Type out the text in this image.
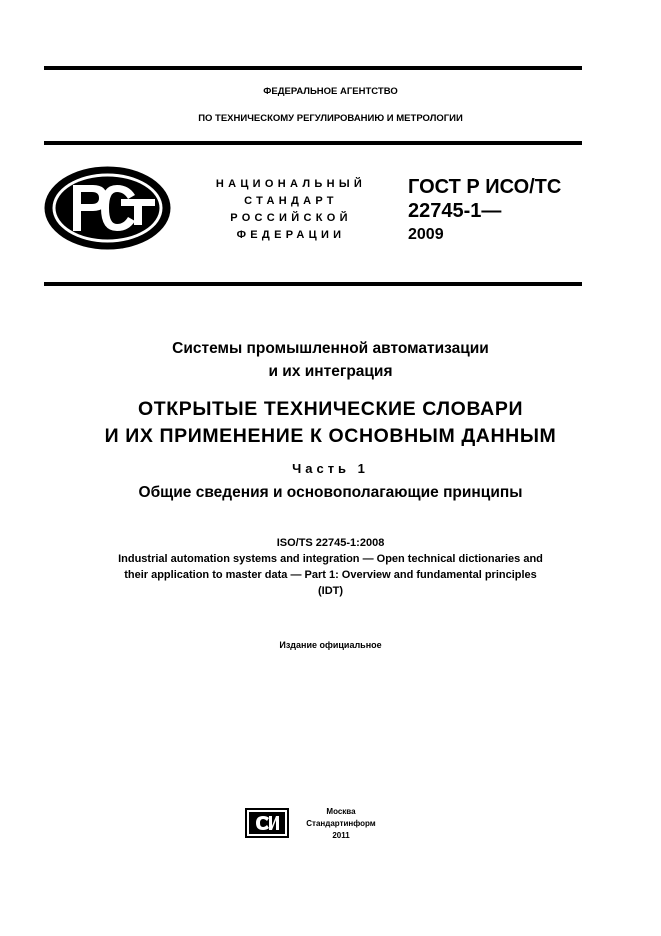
ФЕДЕРАЛЬНОЕ АГЕНТСТВО
ПО ТЕХНИЧЕСКОМУ РЕГУЛИРОВАНИЮ И МЕТРОЛОГИИ
НАЦИОНАЛЬНЫЙ
СТАНДАРТ
РОССИЙСКОЙ
ФЕДЕРАЦИИ
ГОСТ Р ИСО/ТС
22745-1—
2009
Системы промышленной автоматизации
и их интеграция
ОТКРЫТЫЕ ТЕХНИЧЕСКИЕ СЛОВАРИ
И ИХ ПРИМЕНЕНИЕ К ОСНОВНЫМ ДАННЫМ
Часть 1
Общие сведения и основополагающие принципы
ISO/TS 22745-1:2008
Industrial automation systems and integration — Open technical dictionaries and
their application to master data — Part 1: Overview and fundamental principles
(IDT)
Издание официальное
Москва
Стандартинформ
2011
